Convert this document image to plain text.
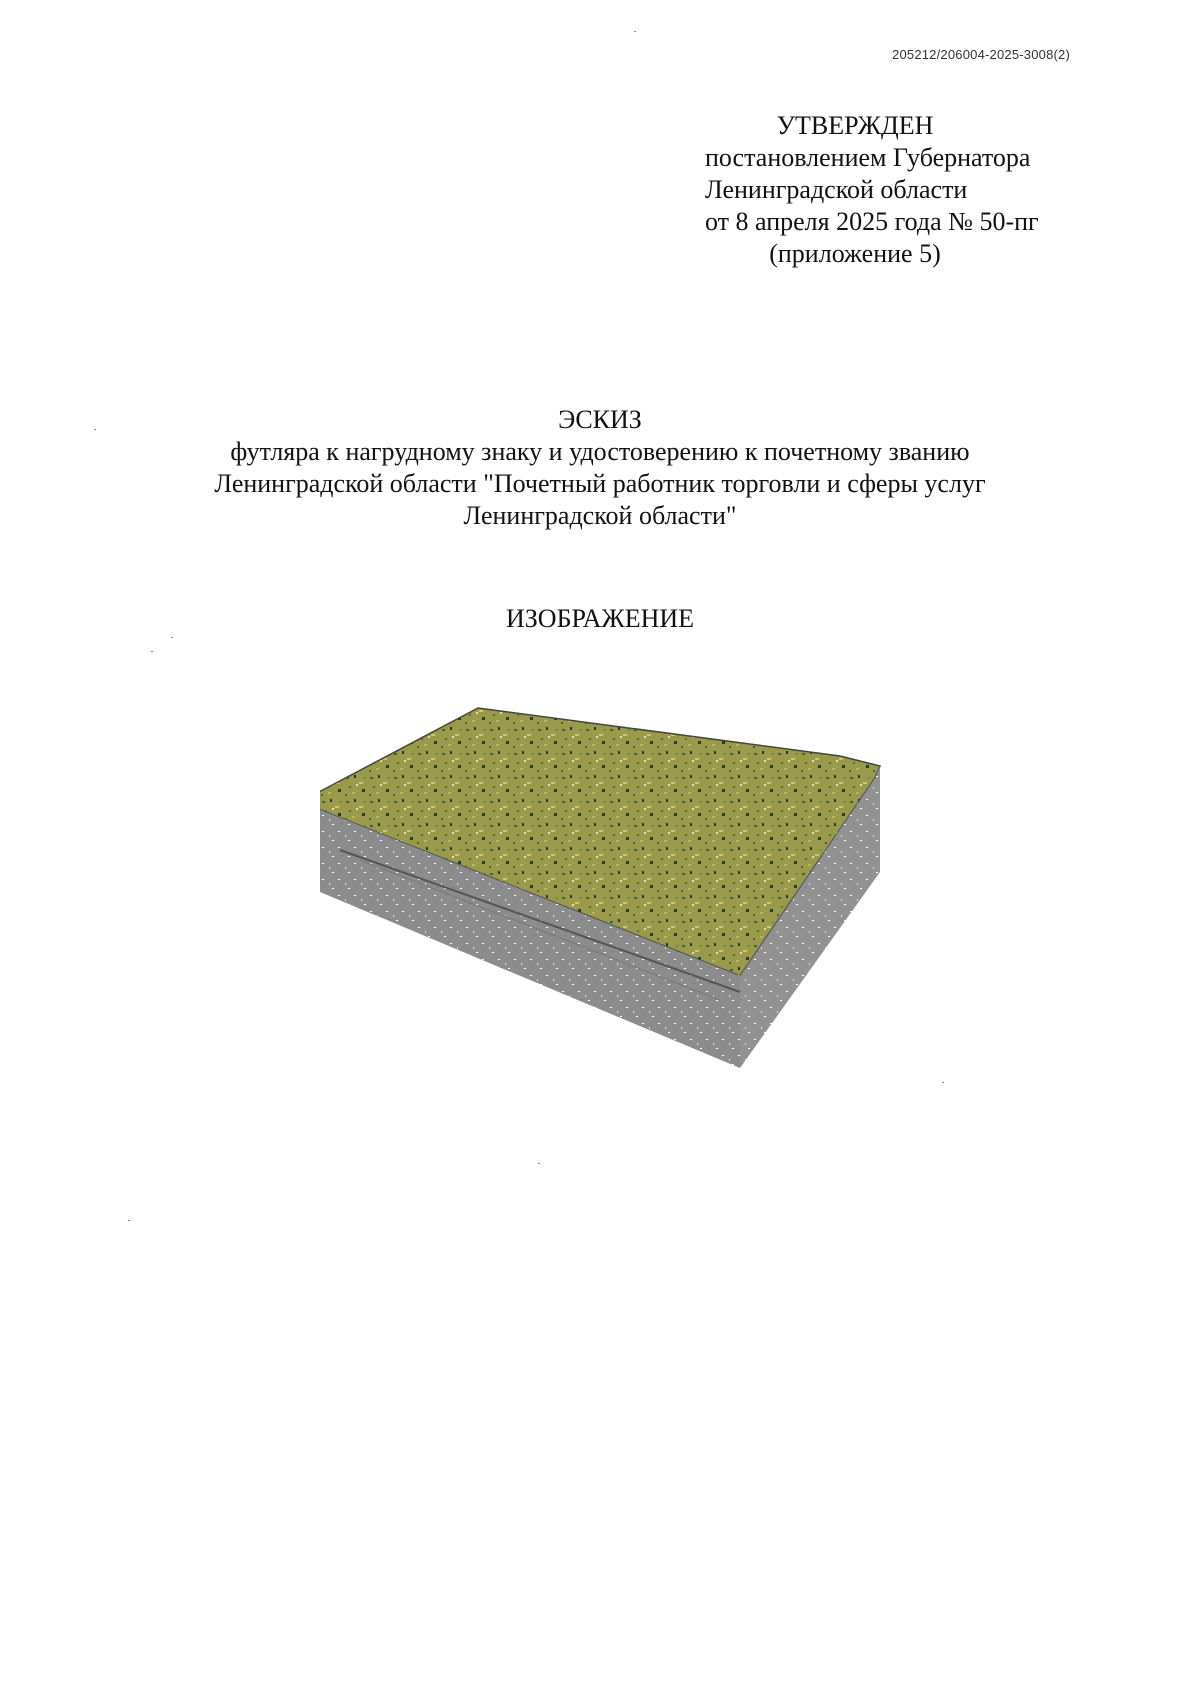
205212/206004-2025-3008(2)
УТВЕРЖДЕН
постановлением Губернатора
Ленинградской области
от 8 апреля 2025 года № 50-пг
(приложение 5)
ЭСКИЗ
футляра к нагрудному знаку и удостоверению к почетному званию
Ленинградской области "Почетный работник торговли и сферы услуг
Ленинградской области"
ИЗОБРАЖЕНИЕ
